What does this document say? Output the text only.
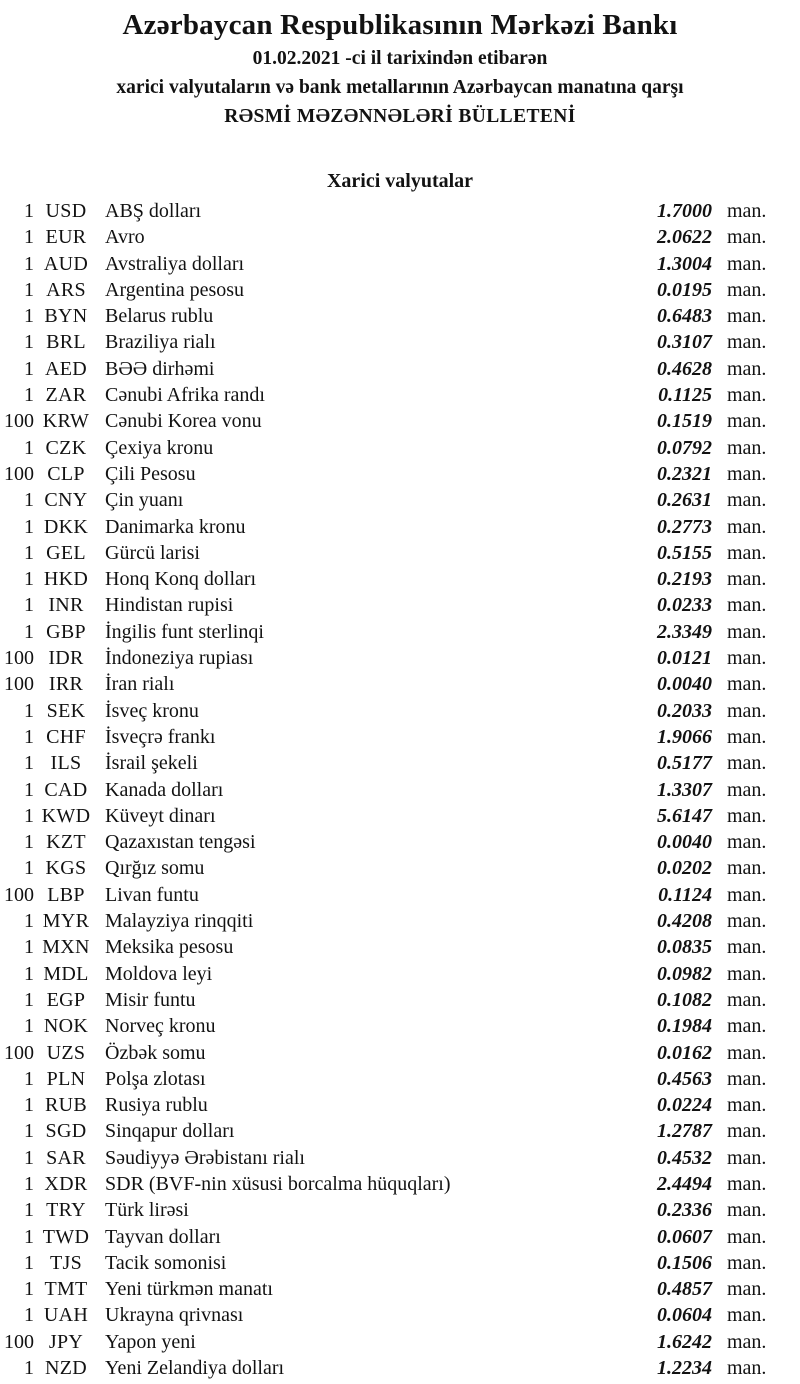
Azərbaycan Respublikasının Mərkəzi Bankı
01.02.2021 -ci il tarixindən etibarən
xarici valyutaların və bank metallarının Azərbaycan manatına qarşı
RƏSMİ MƏZƏNNƏLƏRİ BÜLLETENİ
Xarici valyutalar
1 USD ABŞ dolları	1.7000 man.
1 EUR Avro	2.0622 man.
1 AUD Avstraliya dolları	1.3004 man.
1 ARS Argentina pesosu	0.0195 man.
1 BYN Belarus rublu	0.6483 man.
1 BRL Braziliya rialı	0.3107 man.
1 AED BƏƏ dirhəmi	0.4628 man.
1 ZAR Cənubi Afrika randı	0.1125 man.
100 KRW Cənubi Korea vonu	0.1519 man.
1 CZK Çexiya kronu	0.0792 man.
100 CLP	Çili Pesosu	0.2321 man.
1 CNY Çin yuanı	0.2631 man.
1 DKK Danimarka kronu	0.2773 man.
1 GEL Gürcü larisi	0.5155 man.
1 HKD Honq Konq dolları	0.2193 man.
1 INR	Hindistan rupisi	0.0233 man.
1 GBP İngilis funt sterlinqi	2.3349 man.
100 IDR	İndoneziya rupiası	0.0121 man.
100 IRR	İran rialı	0.0040 man.
1 SEK İsveç kronu	0.2033 man.
1 CHF İsveçrə frankı	1.9066 man.
1 ILS	İsrail şekeli	0.5177 man.
1 CAD Kanada dolları	1.3307 man.
1 KWD Küveyt dinarı	5.6147 man.
1 KZT Qazaxıstan tengəsi	0.0040 man.
1 KGS Qırğız somu	0.0202 man.
100 LBP	Livan funtu	0.1124 man.
1 MYR Malayziya rinqqiti	0.4208 man.
1 MXN Meksika pesosu	0.0835 man.
1 MDL Moldova leyi	0.0982 man.
1 EGP Misir funtu	0.1082 man.
1 NOK Norveç kronu	0.1984 man.
100 UZS Özbək somu	0.0162 man.
1 PLN Polşa zlotası	0.4563 man.
1 RUB Rusiya rublu	0.0224 man.
1 SGD Sinqapur dolları	1.2787 man.
1 SAR Səudiyyə Ərəbistanı rialı	0.4532 man.
1 XDR SDR (BVF-nin xüsusi borcalma hüquqları)	2.4494 man.
1 TRY Türk lirəsi	0.2336 man.
1 TWD Tayvan dolları	0.0607 man.
1 TJS	Tacik somonisi	0.1506 man.
1 TMT Yeni türkmən manatı	0.4857 man.
1 UAH Ukrayna qrivnası	0.0604 man.
100 JPY	Yapon yeni	1.6242 man.
1 NZD Yeni Zelandiya dolları	1.2234 man.
